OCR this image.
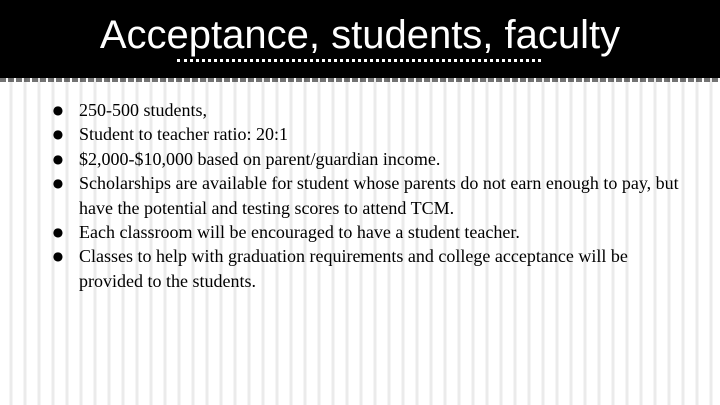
Acceptance, students, faculty
● 250-500 students,
● Student to teacher ratio: 20:1
● $2,000-$10,000 based on parent/guardian income.
● Scholarships are available for student whose parents do not earn enough to pay, but have the potential and testing scores to attend TCM.
● Each classroom will be encouraged to have a student teacher.
● Classes to help with graduation requirements and college acceptance will be provided to the students.
